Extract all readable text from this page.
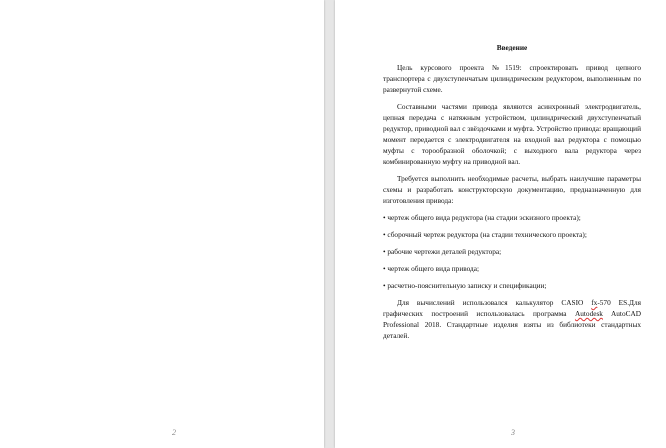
2

Введение

Цель курсового проекта №1519: спроектировать привод цепного транспортера с двухступенчатым цилиндрическим редуктором, выполненным по развернутой схеме.

Составными частями привода являются асинхронный электродвигатель, цепная передача с натяжным устройством, цилиндрический двухступенчатый редуктор, приводной вал с звёздочками и муфта. Устройство привода: вращающий момент передается с электродвигателя на входной вал редуктора с помощью муфты с торообразной оболочкой; с выходного вала редуктора через комбинированную муфту на приводной вал.

Требуется выполнить необходимые расчеты, выбрать наилучшие параметры схемы и разработать конструкторскую документацию, предназначенную для изготовления привода:

• чертеж общего вида редуктора (на стадии эскизного проекта);

• сборочный чертеж редуктора (на стадии технического проекта);

• рабочие чертежи деталей редуктора;

• чертеж общего вида привода;

• расчетно-пояснительную записку и спецификации;

Для вычислений использовался калькулятор CASIO fx-570 ES.Для графических построений использовалась программа Autodesk AutoCAD Professional 2018. Стандартные изделия взяты из библиотеки стандартных деталей.

3
